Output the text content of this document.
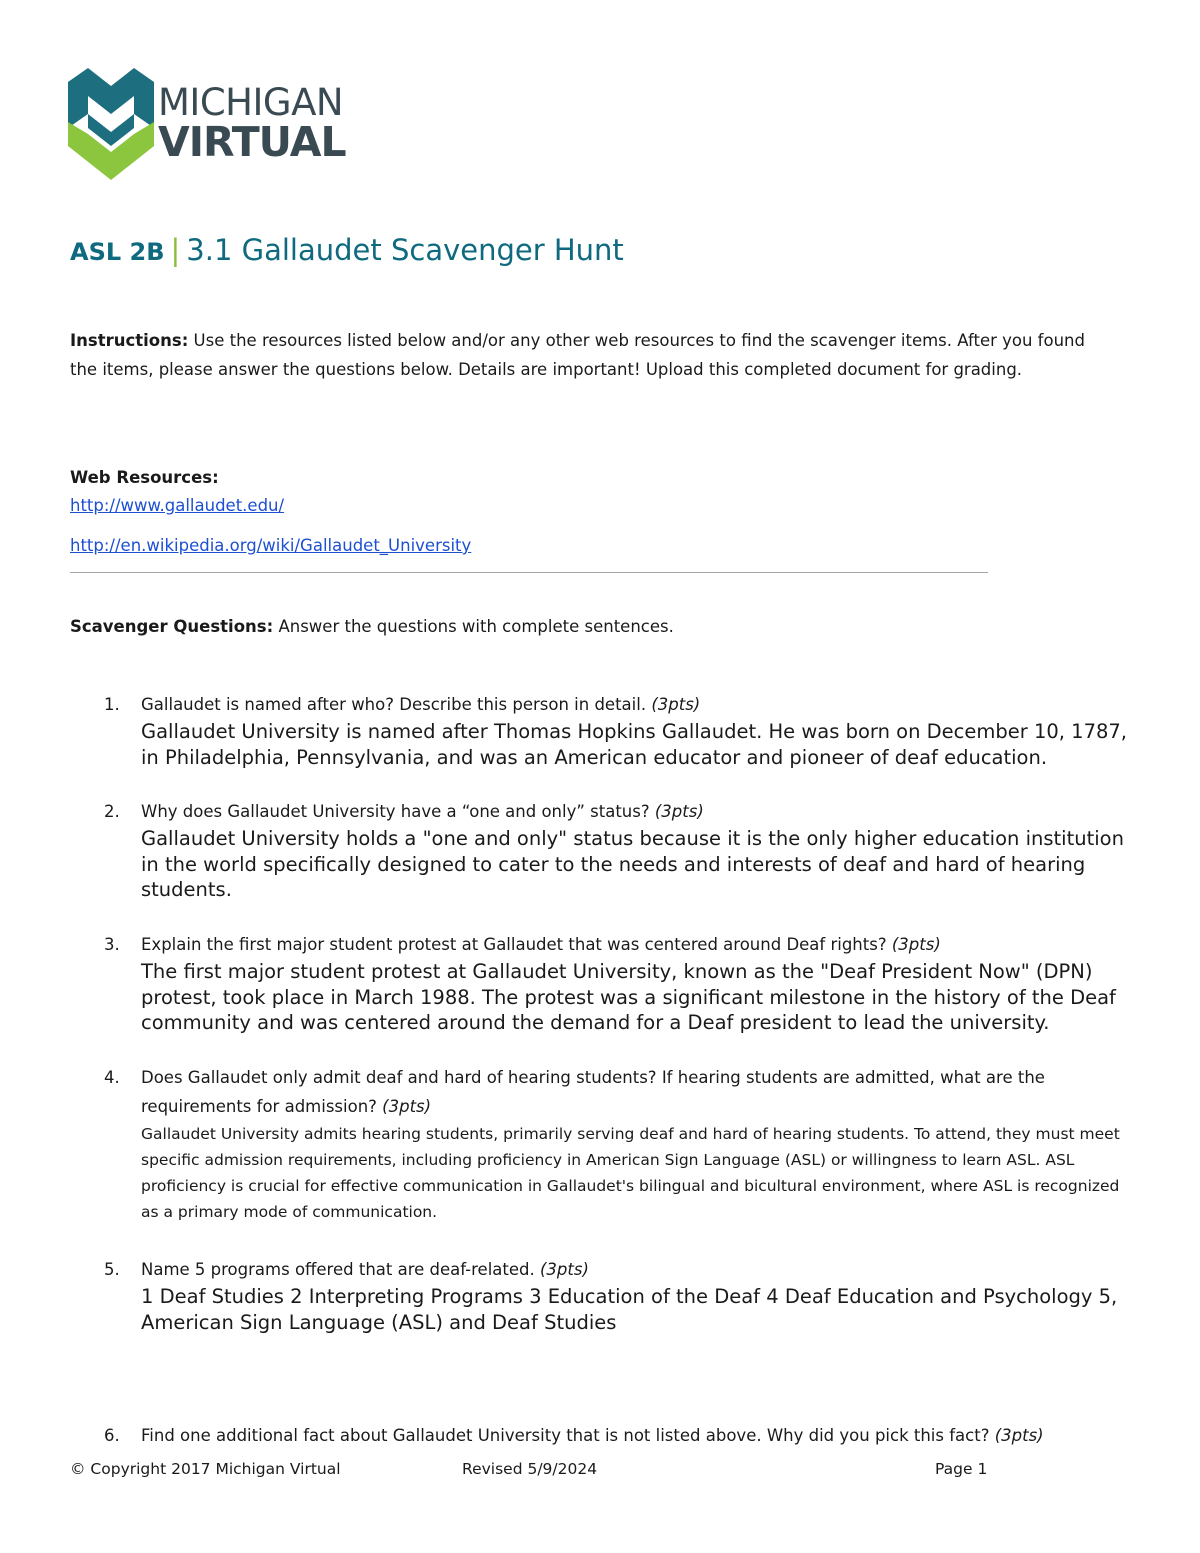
MICHIGAN
VIRTUAL
ASL 2B | 3.1 Gallaudet Scavenger Hunt
Instructions: Use the resources listed below and/or any other web resources to find the scavenger items. After you found the items, please answer the questions below. Details are important! Upload this completed document for grading.
Web Resources:
http://www.gallaudet.edu/
http://en.wikipedia.org/wiki/Gallaudet_University
Scavenger Questions: Answer the questions with complete sentences.
1. Gallaudet is named after who? Describe this person in detail. (3pts)
Gallaudet University is named after Thomas Hopkins Gallaudet. He was born on December 10, 1787, in Philadelphia, Pennsylvania, and was an American educator and pioneer of deaf education.
2. Why does Gallaudet University have a “one and only” status? (3pts)
Gallaudet University holds a "one and only" status because it is the only higher education institution in the world specifically designed to cater to the needs and interests of deaf and hard of hearing students.
3. Explain the first major student protest at Gallaudet that was centered around Deaf rights? (3pts)
The first major student protest at Gallaudet University, known as the "Deaf President Now" (DPN) protest, took place in March 1988. The protest was a significant milestone in the history of the Deaf community and was centered around the demand for a Deaf president to lead the university.
4. Does Gallaudet only admit deaf and hard of hearing students? If hearing students are admitted, what are the requirements for admission? (3pts)
Gallaudet University admits hearing students, primarily serving deaf and hard of hearing students. To attend, they must meet specific admission requirements, including proficiency in American Sign Language (ASL) or willingness to learn ASL. ASL proficiency is crucial for effective communication in Gallaudet's bilingual and bicultural environment, where ASL is recognized as a primary mode of communication.
5. Name 5 programs offered that are deaf-related. (3pts)
1 Deaf Studies 2 Interpreting Programs 3 Education of the Deaf 4 Deaf Education and Psychology 5, American Sign Language (ASL) and Deaf Studies
6. Find one additional fact about Gallaudet University that is not listed above. Why did you pick this fact? (3pts)
© Copyright 2017 Michigan Virtual	Revised 5/9/2024	Page 1
